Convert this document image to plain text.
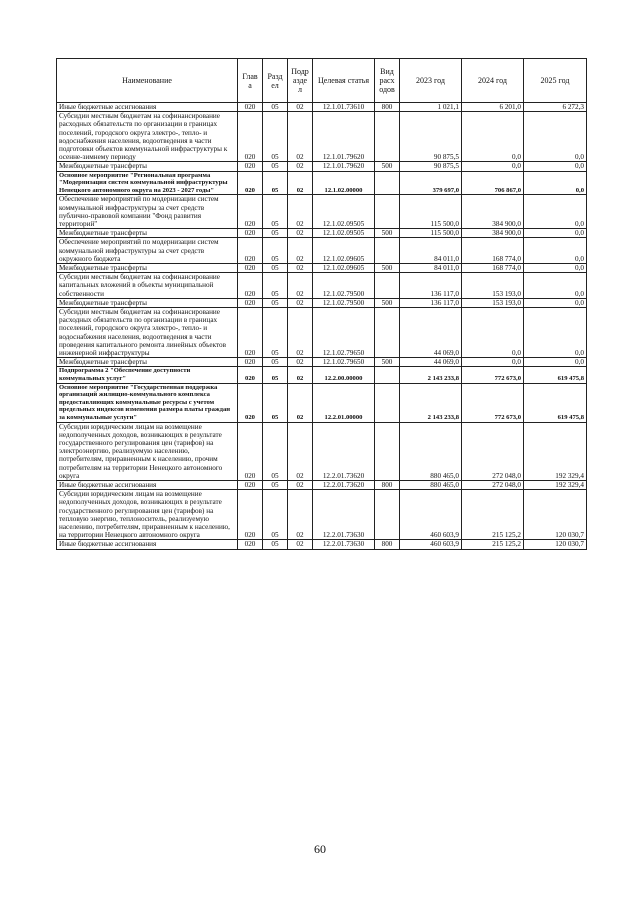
Наименование	Глав а	Разд ел	Подр азде л	Целевая статья	Вид расх одов	2023 год	2024 год	2025 год
Иные бюджетные ассигнования	020	05	02	12.1.01.73610	800	1 021,1	6 201,0	6 272,3
Субсидии местным бюджетам на софинансирование расходных обязательств по организации в границах поселений, городского округа электро-, тепло- и водоснабжения населения, водоотведения в части подготовки объектов коммунальной инфраструктуры к осенне-зимнему периоду	020	05	02	12.1.01.79620		90 875,5	0,0	0,0
Межбюджетные трансферты	020	05	02	12.1.01.79620	500	90 875,5	0,0	0,0
Основное мероприятие "Региональная программа "Модернизация систем коммунальной инфраструктуры Ненецкого автономного округа на 2023 - 2027 годы"	020	05	02	12.1.02.00000		379 697,0	706 867,0	0,0
Обеспечение мероприятий по модернизации систем коммунальной инфраструктуры за счет средств публично-правовой компании "Фонд развития территорий"	020	05	02	12.1.02.09505		115 500,0	384 900,0	0,0
Межбюджетные трансферты	020	05	02	12.1.02.09505	500	115 500,0	384 900,0	0,0
Обеспечение мероприятий по модернизации систем коммунальной инфраструктуры за счет средств окружного бюджета	020	05	02	12.1.02.09605		84 011,0	168 774,0	0,0
Межбюджетные трансферты	020	05	02	12.1.02.09605	500	84 011,0	168 774,0	0,0
Субсидии местным бюджетам на софинансирование капитальных вложений в объекты муниципальной собственности	020	05	02	12.1.02.79500		136 117,0	153 193,0	0,0
Межбюджетные трансферты	020	05	02	12.1.02.79500	500	136 117,0	153 193,0	0,0
Субсидии местным бюджетам на софинансирование расходных обязательств по организации в границах поселений, городского округа электро-, тепло- и водоснабжения населения, водоотведения в части проведения капитального ремонта линейных объектов инженерной инфраструктуры	020	05	02	12.1.02.79650		44 069,0	0,0	0,0
Межбюджетные трансферты	020	05	02	12.1.02.79650	500	44 069,0	0,0	0,0
Подпрограмма 2 "Обеспечение доступности коммунальных услуг"	020	05	02	12.2.00.00000		2 143 233,8	772 673,0	619 475,8
Основное мероприятие "Государственная поддержка организаций жилищно-коммунального комплекса предоставляющих коммунальные ресурсы с учетом предельных индексов изменения размера платы граждан за коммунальные услуги"	020	05	02	12.2.01.00000		2 143 233,8	772 673,0	619 475,8
Субсидии юридическим лицам на возмещение недополученных доходов, возникающих в результате государственного регулирования цен (тарифов) на электроэнергию, реализуемую населению, потребителям, приравненным к населению, прочим потребителям на территории Ненецкого автономного округа	020	05	02	12.2.01.73620		880 465,0	272 048,0	192 329,4
Иные бюджетные ассигнования	020	05	02	12.2.01.73620	800	880 465,0	272 048,0	192 329,4
Субсидии юридическим лицам на возмещение недополученных доходов, возникающих в результате государственного регулирования цен (тарифов) на тепловую энергию, теплоноситель, реализуемую населению, потребителям, приравненным к населению, на территории Ненецкого автономного округа	020	05	02	12.2.01.73630		460 603,9	215 125,2	120 030,7
Иные бюджетные ассигнования	020	05	02	12.2.01.73630	800	460 603,9	215 125,2	120 030,7
60
